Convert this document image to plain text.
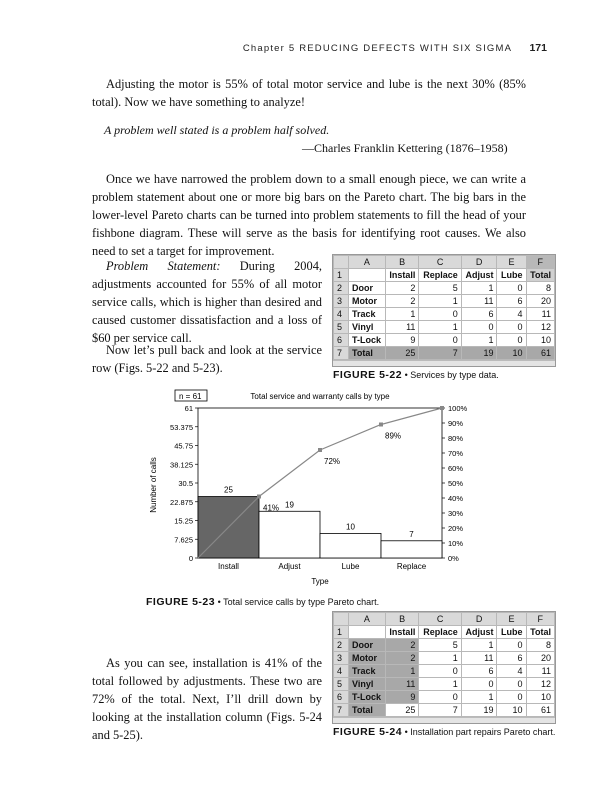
Chapter 5 REDUCING DEFECTS WITH SIX SIGMA 171

Adjusting the motor is 55% of total motor service and lube is the next 30% (85% total). Now we have something to analyze!

A problem well stated is a problem half solved.
—Charles Franklin Kettering (1876–1958)

Once we have narrowed the problem down to a small enough piece, we can write a problem statement about one or more big bars on the Pareto chart. The big bars in the lower-level Pareto charts can be turned into problem statements to fill the head of your fishbone diagram. These will serve as the basis for identifying root causes. We also need to set a target for improvement.

Problem Statement: During 2004, adjustments accounted for 55% of all motor service calls, which is higher than desired and caused customer dissatisfaction and a loss of $60 per service call.

Now let’s pull back and look at the service row (Figs. 5-22 and 5-23).

	A	B	C	D	E	F
1		Install	Replace	Adjust	Lube	Total
2	Door	2	5	1	0	8
3	Motor	2	1	11	6	20
4	Track	1	0	6	4	11
5	Vinyl	11	1	0	0	12
6	T-Lock	9	0	1	0	10
7	Total	25	7	19	10	61
FIGURE 5-22 • Services by type data.
n = 61	Total service and warranty calls by type
Number of calls
Type
0
7.625
15.25
22.875
30.5
38.125
45.75
53.375
61
0%
10%
20%
30%
40%
50%
60%
70%
80%
90%
100%
25
Install
19
Adjust
10
Lube
7
Replace
41%
72%
89%
FIGURE 5-23 • Total service calls by type Pareto chart.

As you can see, installation is 41% of the total followed by adjustments. These two are 72% of the total. Next, I’ll drill down by looking at the installation column (Figs. 5-24 and 5-25).

	A	B	C	D	E	F
1		Install	Replace	Adjust	Lube	Total
2	Door	2	5	1	0	8
3	Motor	2	1	11	6	20
4	Track	1	0	6	4	11
5	Vinyl	11	1	0	0	12
6	T-Lock	9	0	1	0	10
7	Total	25	7	19	10	61
FIGURE 5-24 • Installation part repairs Pareto chart.
